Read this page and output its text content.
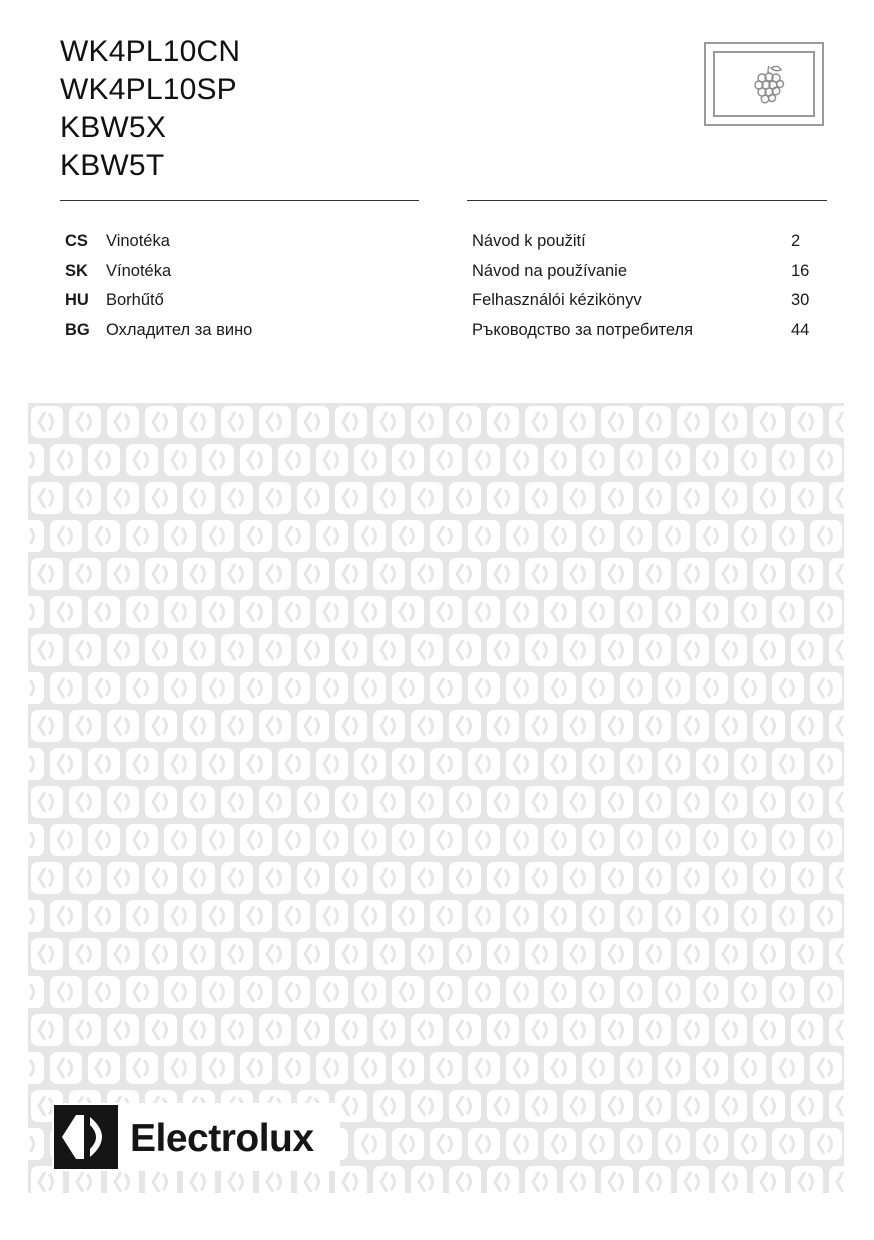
WK4PL10CN
WK4PL10SP
KBW5X
KBW5T
CS Vinotéka	Návod k použití	2
SK Vínotéka	Návod na používanie	16
HU Borhűtő	Felhasználói kézikönyv	30
BG Охладител за вино	Ръководство за потребителя	44
Electrolux
